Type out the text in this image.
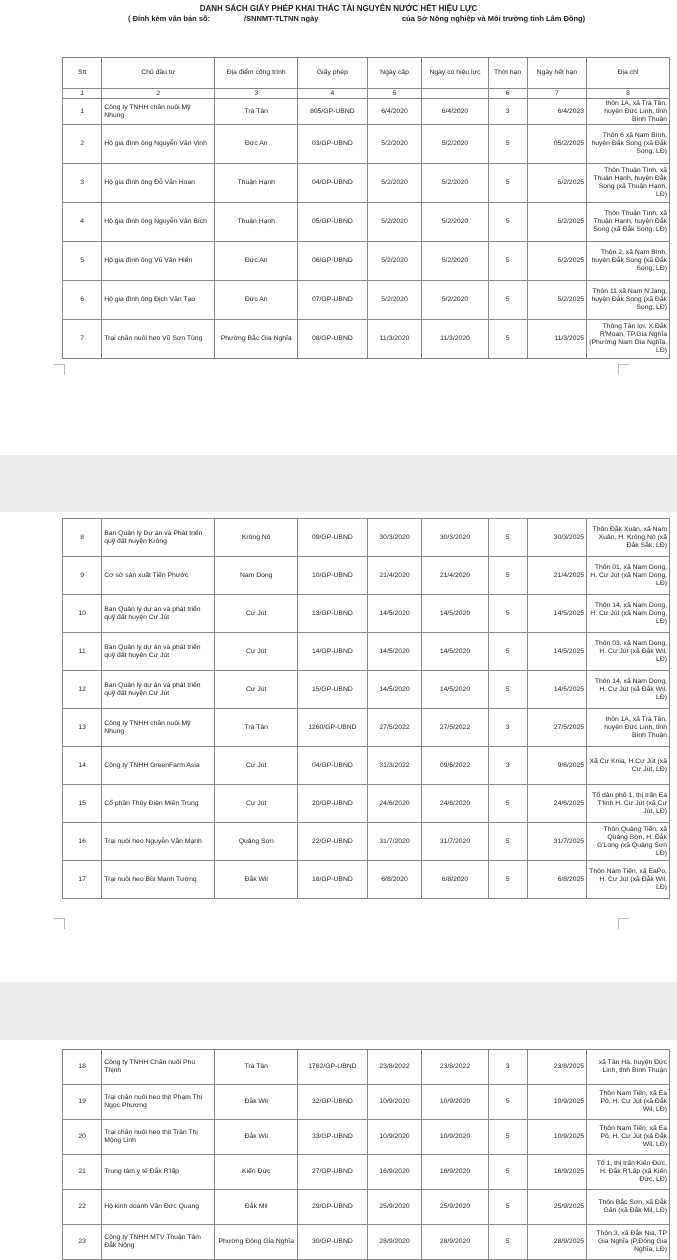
DANH SÁCH GIẤY PHÉP KHAI THÁC TÀI NGUYÊN NƯỚC HẾT HIỆU LỰC
( Đính kèm văn bản số:	/SNNMT-TLTNN ngày	của Sở Nông nghiệp và Môi trường tỉnh Lâm Đồng)
Stt	Chủ đầu tư	Địa điểm công trình	Giấy phép	Ngày cấp	Ngày có hiệu lực	Thời hạn	Ngày hết hạn	Địa chỉ
1	2	3	4	5		6	7	8
1	Công ty TNHH chăn nuôi Mỹ Nhung	Trà Tân	805/GP-UBND	6/4/2020	6/4/2020	3	6/4/2023	thôn 1A, xã Trà Tân, huyện Đức Linh, tỉnh Bình Thuận
2	Hộ gia đình ông Nguyễn Văn Vinh	Đức An	03/GP-UBND	5/2/2020	5/2/2020	5	05/2/2025	Thôn 6 xã Nam Bình, huyện Đắk Song (xã Đắk Song, LĐ)
3	Hộ gia đình ông Đỗ Văn Hoan	Thuận Hạnh	04/GP-UBND	5/2/2020	5/2/2020	5	5/2/2025	Thôn Thuận Tình, xã Thuận Hạnh, huyện Đắk Song (xã Thuận Hạnh, LĐ)
4	Hộ gia đình ông Nguyễn Văn Bích	Thuận Hạnh	05/GP-UBND	5/2/2020	5/2/2020	5	5/2/2025	Thôn Thuận Tình, xã Thuận Hạnh, huyện Đắk Song (xã Đắk Song, LĐ)
5	Hộ gia đình ông Vũ Văn Hiển	Đức An	06/GP-UBND	5/2/2020	5/2/2020	5	5/2/2025	Thôn 2, xã Nam Bình, huyện Đắk Song (xã Đắk Song, LĐ)
6	Hộ gia đình ông Địch Văn Tạo	Đức An	07/GP-UBND	5/2/2020	5/2/2020	5	5/2/2025	Thôn 11 xã Nam N'Jang, huyện Đắk Song (xã Đắk Song, LĐ)
7	Trại chăn nuôi heo Vũ Sơn Tùng	Phường Bắc Gia Nghĩa	08/GP-UBND	11/3/2020	11/3/2020	5	11/3/2025	Thông Tân lợi, X.Đắk R'Moan, TP.Gia Nghĩa (Phường Nam Gia Nghĩa, LĐ)
8	Ban Quản lý Dự án và Phát triển quỹ đất huyện Krông	Krông Nô	09/GP-UBND	30/3/2020	30/3/2020	5	30/3/2025	Thôn Đắk Xuân, xã Nam Xuân, H. Krông Nô (xã Đắk Sắk, LĐ)
9	Cơ sở sản xuất Tiến Phước	Nam Dong	10/GP-UBND	21/4/2020	21/4/2020	5	21/4/2025	Thôn 01, xã Nam Dong, H. Cư Jút (xã Nam Dong, LĐ)
10	Ban Quản lý dự án và phát triển quỹ đất huyện Cư Jút	Cư Jút	13/GP-UBND	14/5/2020	14/5/2020	5	14/5/2025	Thôn 14, xã Nam Dong, H. Cư Jút (xã Nam Dong, LĐ)
11	Ban Quản lý dự án và phát triển quỹ đất huyện Cư Jút	Cư Jút	14/GP-UBND	14/5/2020	14/5/2020	5	14/5/2025	Thôn 03, xã Nam Dong, H. Cư Jút (xã Đắk Wil, LĐ)
12	Ban Quản lý dự án và phát triển quỹ đất huyện Cư Jút	Cư Jút	15/GP-UBND	14/5/2020	14/5/2020	5	14/5/2025	Thôn 14, xã Nam Dong, H. Cư Jút (xã Đắk Wil, LĐ)
13	Công ty TNHH chăn nuôi Mỹ Nhung	Trà Tân	1260/GP-UBND	27/5/2022	27/5/2022	3	27/5/2025	thôn 1A, xã Trà Tân, huyện Đức Linh, tỉnh Bình Thuận
14	Công ty TNHH GreenFarm Asia	Cư Jút	04/GP-UBND	31/3/2022	09/6/2022	3	9/6/2025	Xã Cư Knia, H.Cư Jút (xã Cư Jút, LĐ)
15	Cổ phần Thủy Điện Miền Trung	Cư Jút	20/GP-UBND	24/6/2020	24/6/2020	5	24/6/2025	Tổ dân phố 1, thị trấn Ea T'linh H. Cư Jút (xã Cư Jút, LĐ)
16	Trại nuôi heo Nguyễn Văn Mạnh	Quảng Sơn	22/GP-UBND	31/7/2020	31/7/2020	5	31/7/2025	Thôn Quảng Tiến, xã Quảng Sơn, H. Đắk G'Long (xã Quảng Sơn LĐ)
17	Trại nuôi heo Bùi Mạnh Tường	Đắk Wil	18/GP-UBND	6/8/2020	6/8/2020	5	6/8/2025	Thôn Nam Tiến, xã EaPo, H. Cư Jút (xã Đắk Wil, LĐ)
18	Công ty TNHH Chăn nuôi Phú Thịnh	Trà Tân	1762/GP-UBND	23/8/2022	23/8/2022	3	23/8/2025	xã Tân Hà, huyện Đức Linh, tỉnh Bình Thuận
19	Trại chăn nuôi heo thịt Phạm Thị Ngọc Phương	Đắk Wil	32/GP-UBND	10/9/2020	10/9/2020	5	10/9/2025	Thôn Nam Tiến, xã Ea Pô, H. Cư Jút (xã Đắk Wil, LĐ)
20	Trại chăn nuôi heo thịt Trần Thị Mộng Linh	Đắk Wil	33/GP-UBND	10/9/2020	10/9/2020	5	10/9/2025	Thôn Nam Tiến, xã Ea Pô, H. Cư Jút (xã Đắk Wil, LĐ)
21	Trung tâm y tế Đắk R'lấp	Kiến Đức	27/GP-UBND	16/9/2020	16/9/2020	5	16/9/2025	Tổ 1, thị trấn Kiến Đức, H. Đắk R'Lấp (xã Kiến Đức, LĐ)
22	Hộ kinh doanh Văn Đức Quang	Đắk Mil	29/GP-UBND	25/9/2020	25/9/2020	5	25/9/2025	Thôn Bắc Sơn, xã Đắk Găn (xã Đắk Mil, LĐ)
23	Công ty TNHH MTV Thuận Tâm Đắk Nông	Phường Đông Gia Nghĩa	30/GP-UBND	28/9/2020	28/9/2020	5	28/9/2025	Thôn 3, xã Đắk Nia, TP Gia Nghĩa (P.Đông Gia Nghĩa, LĐ)
